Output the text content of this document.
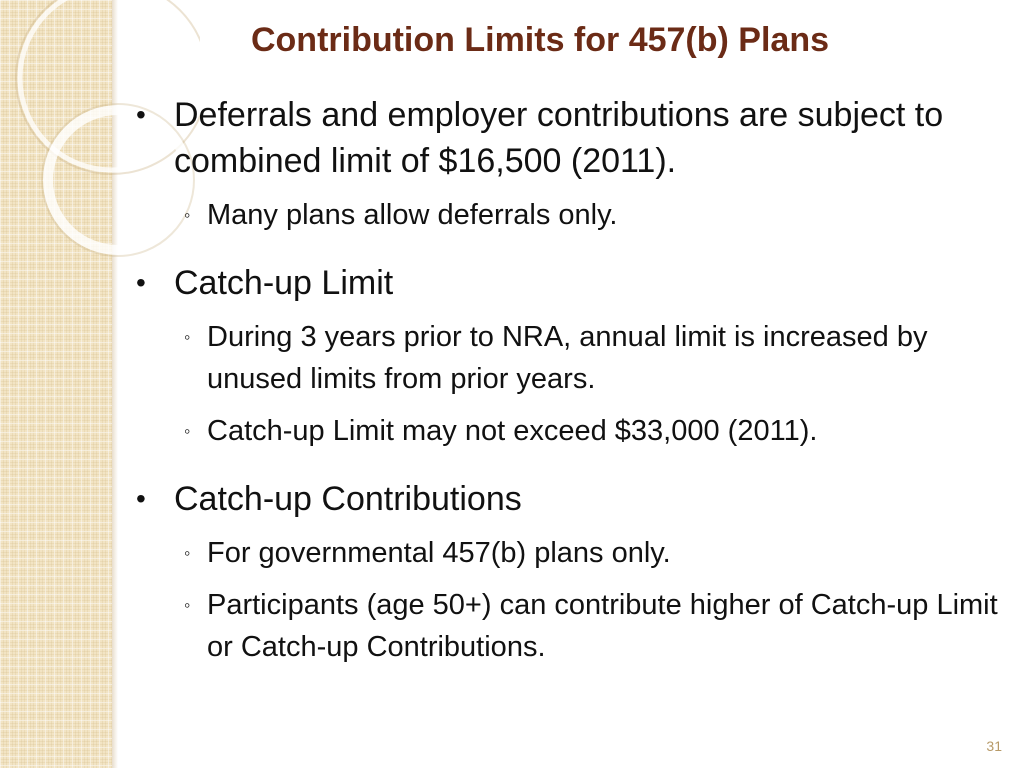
Contribution Limits for 457(b) Plans
• Deferrals and employer contributions are subject to combined limit of $16,500 (2011).
◦ Many plans allow deferrals only.
• Catch-up Limit
◦ During 3 years prior to NRA, annual limit is increased by unused limits from prior years.
◦ Catch-up Limit may not exceed $33,000 (2011).
• Catch-up Contributions
◦ For governmental 457(b) plans only.
◦ Participants (age 50+) can contribute higher of Catch-up Limit or Catch-up Contributions.
31
